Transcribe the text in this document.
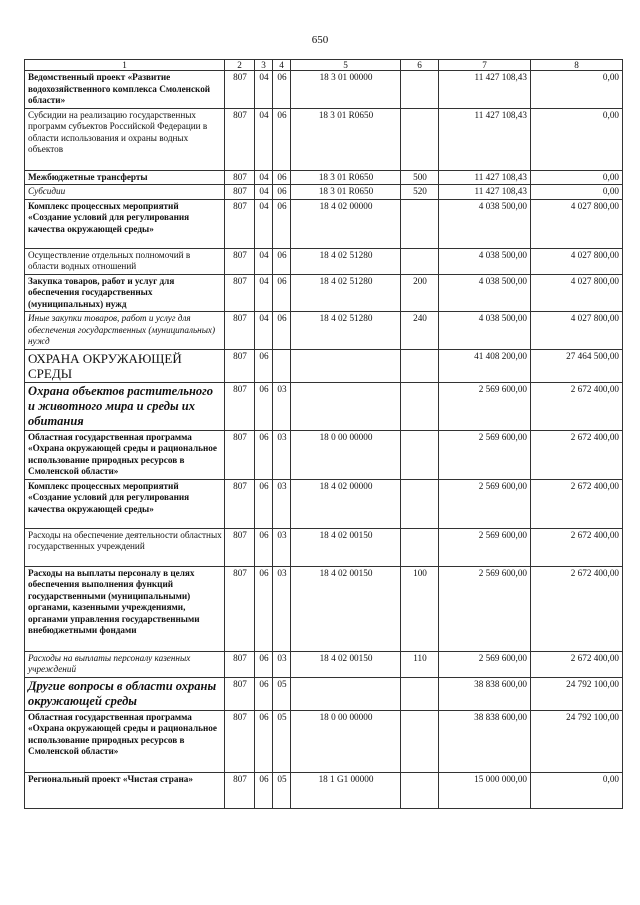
650
1	2	3	4	5	6	7	8
Ведомственный проект «Развитие водохозяйственного комплекса Смоленской области»	807	04	06	18 3 01 00000		11 427 108,43	0,00
Субсидии на реализацию государственных программ субъектов Российской Федерации в области использования и охраны водных объектов	807	04	06	18 3 01 R0650		11 427 108,43	0,00
Межбюджетные трансферты	807	04	06	18 3 01 R0650	500	11 427 108,43	0,00
Субсидии	807	04	06	18 3 01 R0650	520	11 427 108,43	0,00
Комплекс процессных мероприятий «Создание условий для регулирования качества окружающей среды»	807	04	06	18 4 02 00000		4 038 500,00	4 027 800,00
Осуществление отдельных полномочий в области водных отношений	807	04	06	18 4 02 51280		4 038 500,00	4 027 800,00
Закупка товаров, работ и услуг для обеспечения государственных (муниципальных) нужд	807	04	06	18 4 02 51280	200	4 038 500,00	4 027 800,00
Иные закупки товаров, работ и услуг для обеспечения государственных (муниципальных) нужд	807	04	06	18 4 02 51280	240	4 038 500,00	4 027 800,00
ОХРАНА ОКРУЖАЮЩЕЙ СРЕДЫ	807	06				41 408 200,00	27 464 500,00
Охрана объектов растительного и животного мира и среды их обитания	807	06	03			2 569 600,00	2 672 400,00
Областная государственная программа «Охрана окружающей среды и рациональное использование природных ресурсов в Смоленской области»	807	06	03	18 0 00 00000		2 569 600,00	2 672 400,00
Комплекс процессных мероприятий «Создание условий для регулирования качества окружающей среды»	807	06	03	18 4 02 00000		2 569 600,00	2 672 400,00
Расходы на обеспечение деятельности областных государственных учреждений	807	06	03	18 4 02 00150		2 569 600,00	2 672 400,00
Расходы на выплаты персоналу в целях обеспечения выполнения функций государственными (муниципальными) органами, казенными учреждениями, органами управления государственными внебюджетными фондами	807	06	03	18 4 02 00150	100	2 569 600,00	2 672 400,00
Расходы на выплаты персоналу казенных учреждений	807	06	03	18 4 02 00150	110	2 569 600,00	2 672 400,00
Другие вопросы в области охраны окружающей среды	807	06	05			38 838 600,00	24 792 100,00
Областная государственная программа «Охрана окружающей среды и рациональное использование природных ресурсов в Смоленской области»	807	06	05	18 0 00 00000		38 838 600,00	24 792 100,00
Региональный проект «Чистая страна»	807	06	05	18 1 G1 00000		15 000 000,00	0,00
